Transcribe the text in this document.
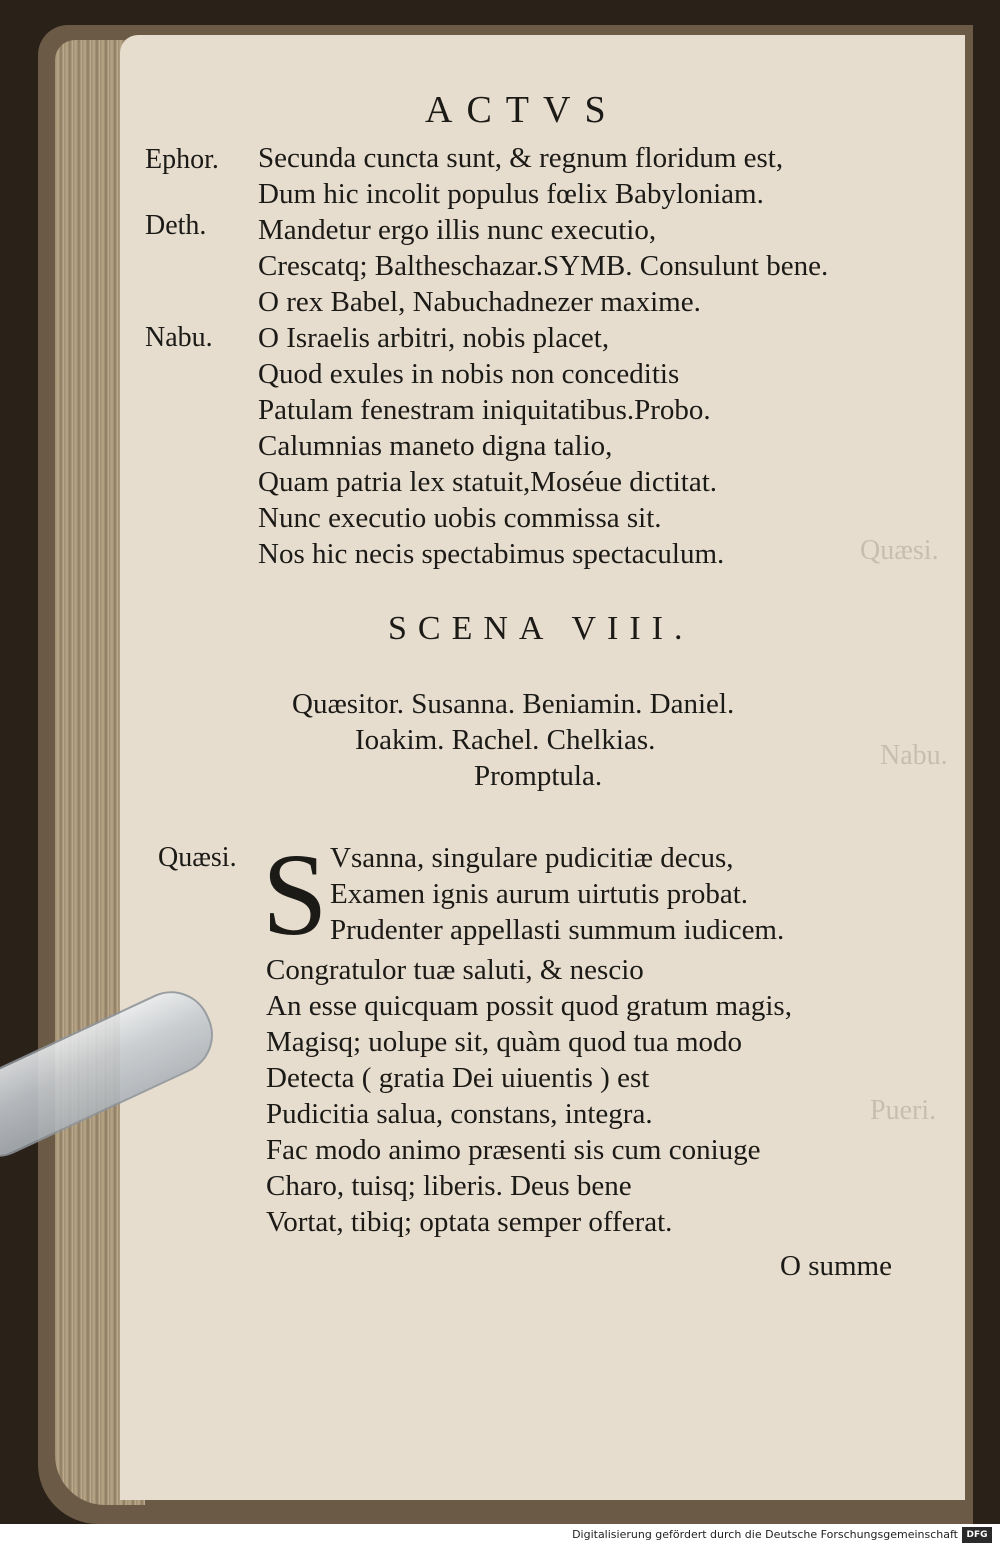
Quæsi.
Nabu.
Pueri.
ACTVS
Ephor. Secunda cuncta sunt, & regnum floridum est,
Dum hic incolit populus fœlix Babyloniam.
Deth. Mandetur ergo illis nunc executio,
Crescatq; Baltheschazar.SYMB. Consulunt bene.
O rex Babel, Nabuchadnezer maxime.
Nabu. O Israelis arbitri, nobis placet,
Quod exules in nobis non conceditis
Patulam fenestram iniquitatibus.Probo.
Calumnias maneto digna talio,
Quam patria lex statuit,Moséue dictitat.
Nunc executio uobis commissa sit.
Nos hic necis spectabimus spectaculum.
SCENA VIII.
Quæsitor. Susanna. Beniamin. Daniel.
Ioakim. Rachel. Chelkias.
Promptula.
Quæsi. S Vsanna, singulare pudicitiæ decus,
Examen ignis aurum uirtutis probat.
Prudenter appellasti summum iudicem.
Congratulor tuæ saluti, & nescio
An esse quicquam possit quod gratum magis,
Magisq; uolupe sit, quàm quod tua modo
Detecta ( gratia Dei uiuentis ) est
Pudicitia salua, constans, integra.
Fac modo animo præsenti sis cum coniuge
Charo, tuisq; liberis. Deus bene
Vortat, tibiq; optata semper offerat.
O summe
Digitalisierung gefördert durch die Deutsche Forschungsgemeinschaft DFG
